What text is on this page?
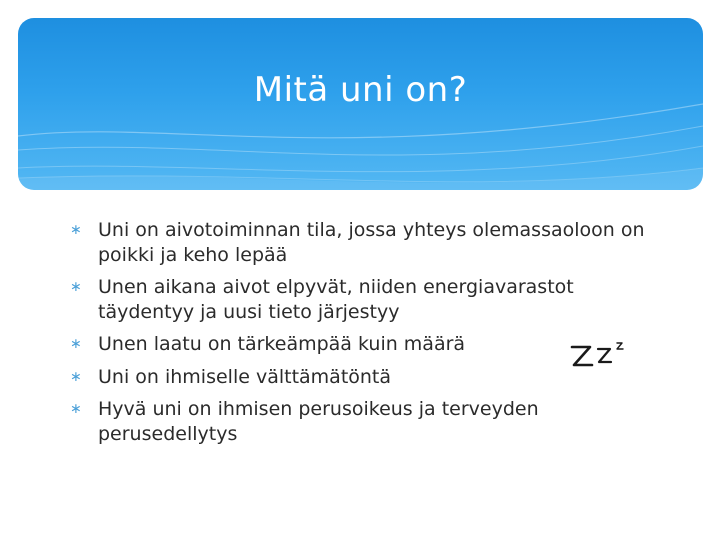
Mitä uni on?
∗ Uni on aivotoiminnan tila, jossa yhteys olemassaoloon on poikki ja keho lepää
∗ Unen aikana aivot elpyvät, niiden energiavarastot täydentyy ja uusi tieto järjestyy
∗ Unen laatu on tärkeämpää kuin määrä
∗ Uni on ihmiselle välttämätöntä
∗ Hyvä uni on ihmisen perusoikeus ja terveyden perusedellytys
